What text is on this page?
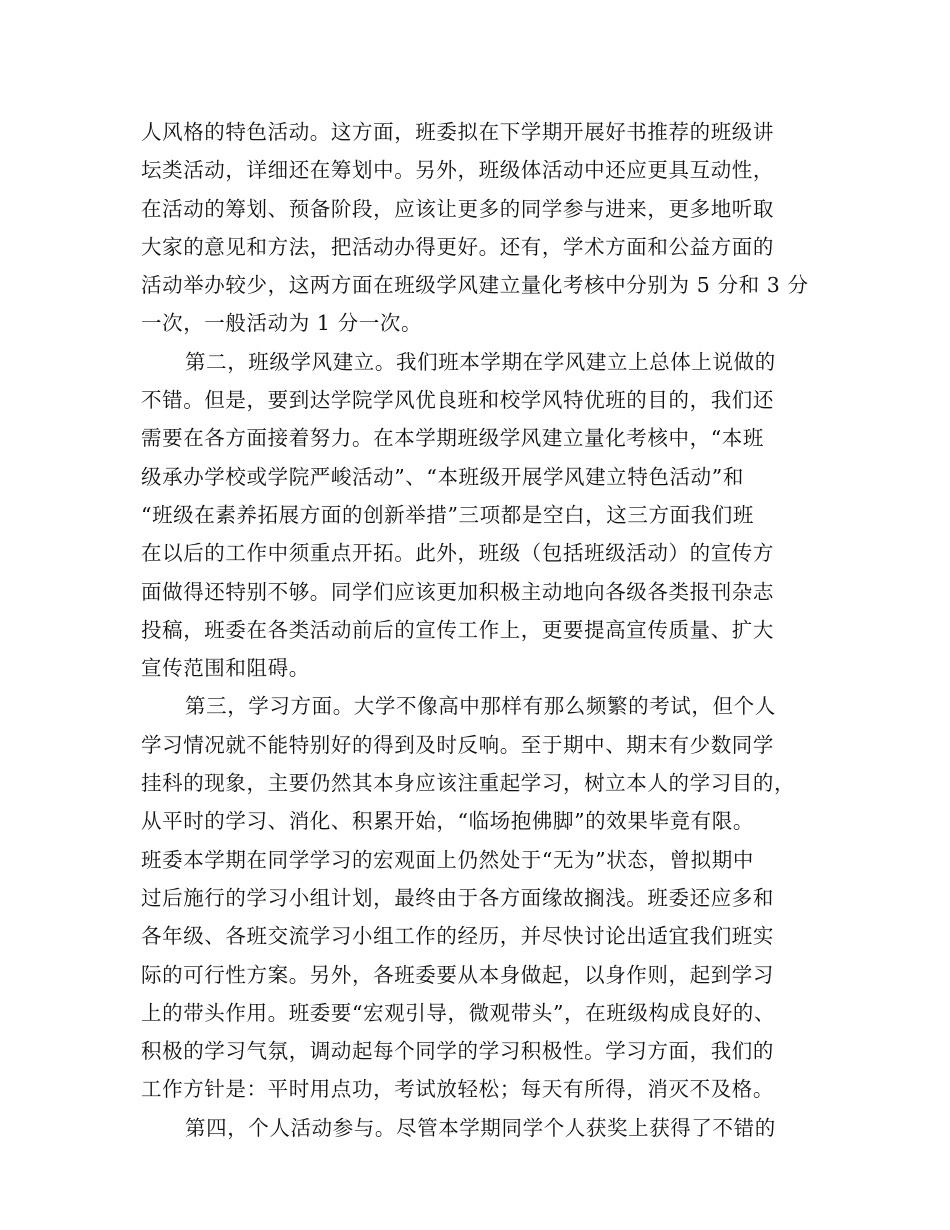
人风格的特色活动。这方面，班委拟在下学期开展好书推荐的班级讲
坛类活动，详细还在筹划中。另外，班级体活动中还应更具互动性，
在活动的筹划、预备阶段，应该让更多的同学参与进来，更多地听取
大家的意见和方法，把活动办得更好。还有，学术方面和公益方面的
活动举办较少，这两方面在班级学风建立量化考核中分别为 5 分和 3 分
一次，一般活动为 1 分一次。
第二，班级学风建立。我们班本学期在学风建立上总体上说做的
不错。但是，要到达学院学风优良班和校学风特优班的目的，我们还
需要在各方面接着努力。在本学期班级学风建立量化考核中，“本班
级承办学校或学院严峻活动”、“本班级开展学风建立特色活动”和
“班级在素养拓展方面的创新举措”三项都是空白，这三方面我们班
在以后的工作中须重点开拓。此外，班级（包括班级活动）的宣传方
面做得还特别不够。同学们应该更加积极主动地向各级各类报刊杂志
投稿，班委在各类活动前后的宣传工作上，更要提高宣传质量、扩大
宣传范围和阻碍。
第三，学习方面。大学不像高中那样有那么频繁的考试，但个人
学习情况就不能特别好的得到及时反响。至于期中、期末有少数同学
挂科的现象，主要仍然其本身应该注重起学习，树立本人的学习目的，
从平时的学习、消化、积累开始，“临场抱佛脚”的效果毕竟有限。
班委本学期在同学学习的宏观面上仍然处于“无为”状态，曾拟期中
过后施行的学习小组计划，最终由于各方面缘故搁浅。班委还应多和
各年级、各班交流学习小组工作的经历，并尽快讨论出适宜我们班实
际的可行性方案。另外，各班委要从本身做起，以身作则，起到学习
上的带头作用。班委要“宏观引导，微观带头”，在班级构成良好的、
积极的学习气氛，调动起每个同学的学习积极性。学习方面，我们的
工作方针是：平时用点功，考试放轻松；每天有所得，消灭不及格。
第四，个人活动参与。尽管本学期同学个人获奖上获得了不错的
